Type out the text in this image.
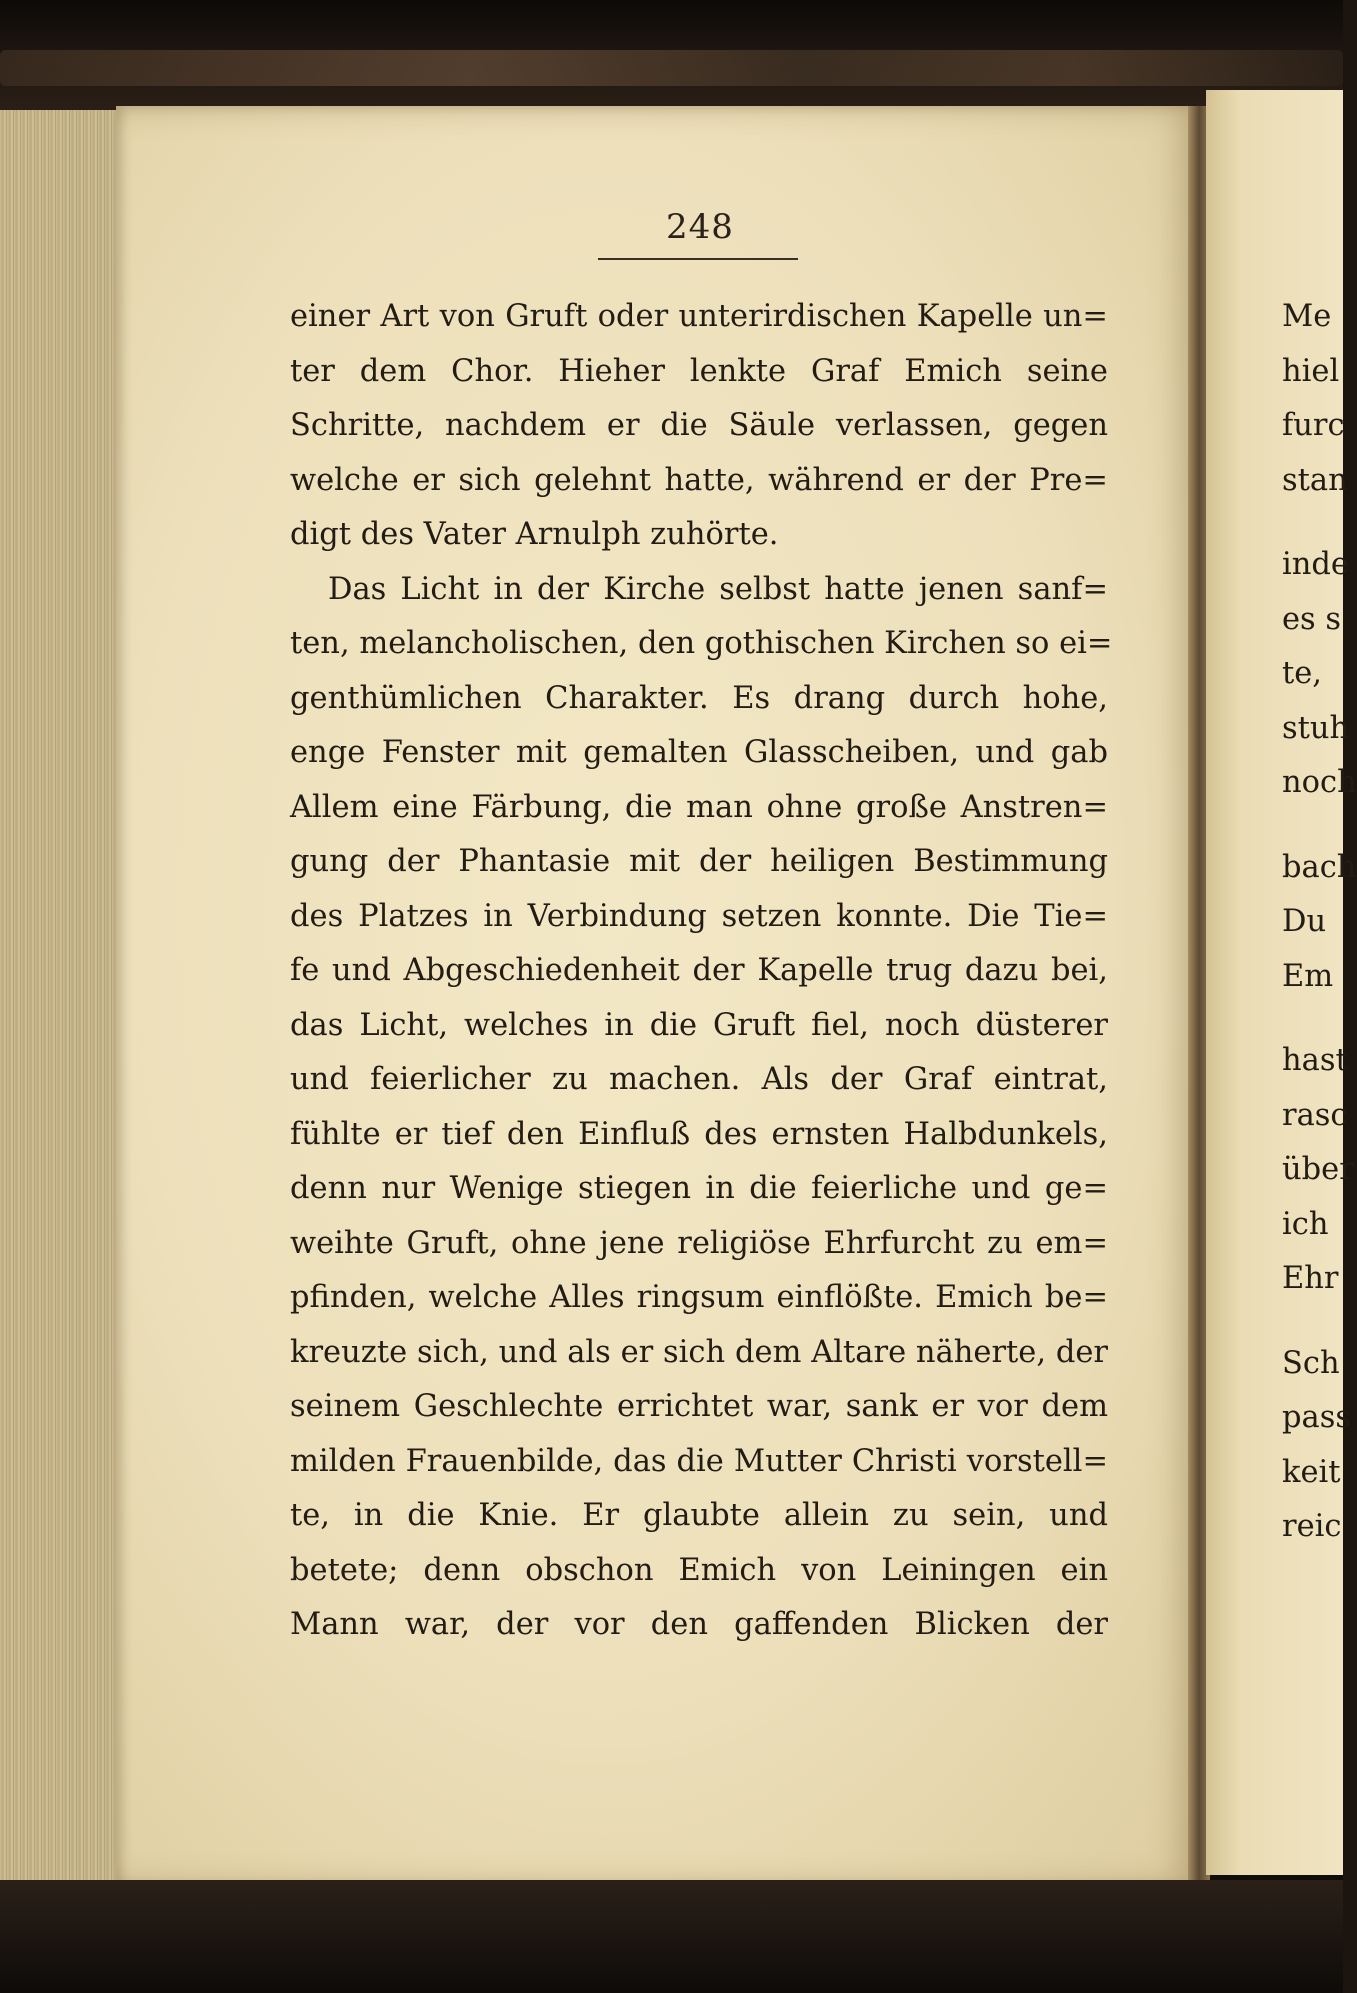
248
einer Art von Gruft oder unterirdischen Kapelle un=
ter dem Chor. Hieher lenkte Graf Emich seine
Schritte, nachdem er die Säule verlassen, gegen
welche er sich gelehnt hatte, während er der Pre=
digt des Vater Arnulph zuhörte.
Das Licht in der Kirche selbst hatte jenen sanf=
ten, melancholischen, den gothischen Kirchen so ei=
genthümlichen Charakter. Es drang durch hohe,
enge Fenster mit gemalten Glasscheiben, und gab
Allem eine Färbung, die man ohne große Anstren=
gung der Phantasie mit der heiligen Bestimmung
des Platzes in Verbindung setzen konnte. Die Tie=
fe und Abgeschiedenheit der Kapelle trug dazu bei,
das Licht, welches in die Gruft fiel, noch düsterer
und feierlicher zu machen. Als der Graf eintrat,
fühlte er tief den Einfluß des ernsten Halbdunkels,
denn nur Wenige stiegen in die feierliche und ge=
weihte Gruft, ohne jene religiöse Ehrfurcht zu em=
pfinden, welche Alles ringsum einflößte. Emich be=
kreuzte sich, und als er sich dem Altare näherte, der
seinem Geschlechte errichtet war, sank er vor dem
milden Frauenbilde, das die Mutter Christi vorstell=
te, in die Knie. Er glaubte allein zu sein, und
betete; denn obschon Emich von Leiningen ein
Mann war, der vor den gaffenden Blicken der
Me
hiel
furc
stan
inde
es s
te,
stuh
noch
bach
Du
Em
hast
rasc
über
ich
Ehr
Sch
pass
keit
reic
